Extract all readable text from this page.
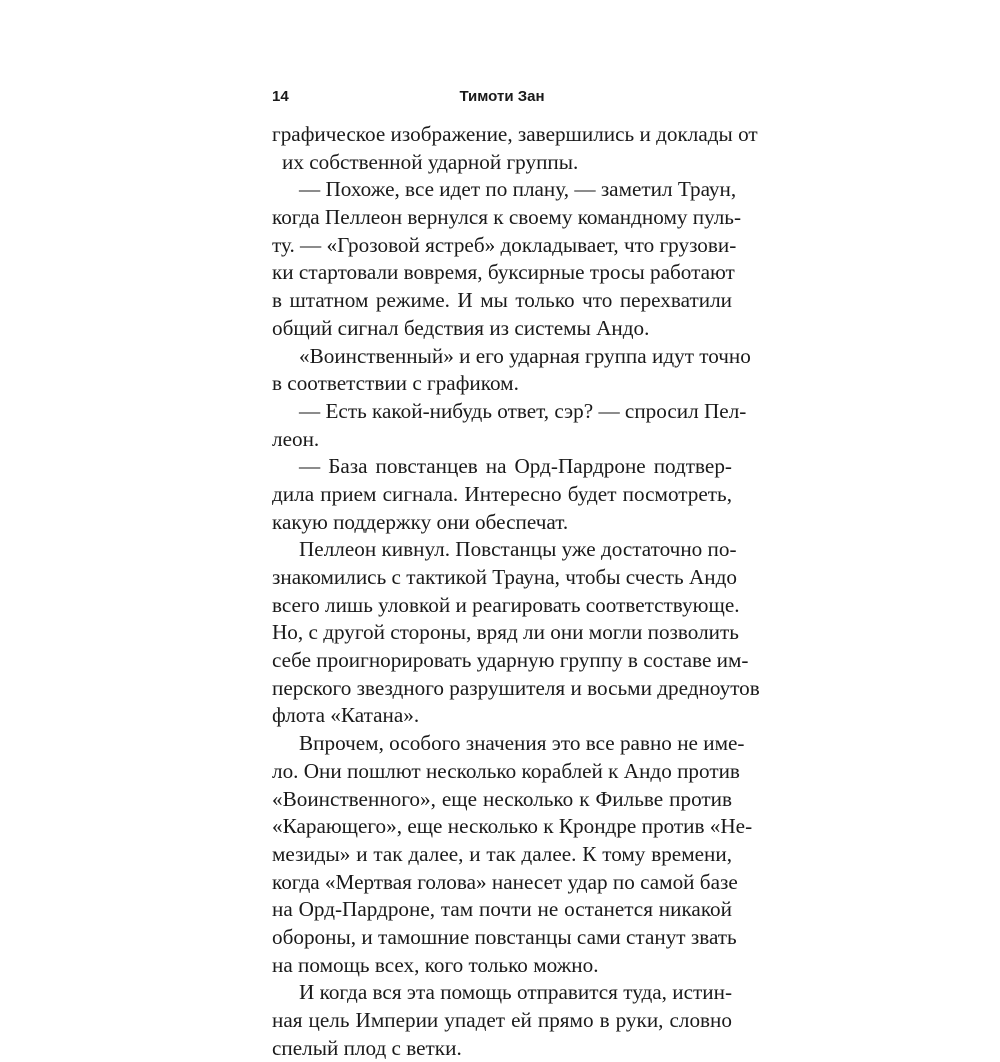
14	Тимоти Зан
графическое изображение, завершились и доклады от
их собственной ударной группы.
— Похоже, все идет по плану, — заметил Траун,
когда Пеллеон вернулся к своему командному пуль-
ту. — «Грозовой ястреб» докладывает, что грузови-
ки стартовали вовремя, буксирные тросы работают
в штатном режиме. И мы только что перехватили
общий сигнал бедствия из системы Андо.
«Воинственный» и его ударная группа идут точно
в соответствии с графиком.
— Есть какой-нибудь ответ, сэр? — спросил Пел-
леон.
— База повстанцев на Орд-Пардроне подтвер-
дила прием сигнала. Интересно будет посмотреть,
какую поддержку они обеспечат.
Пеллеон кивнул. Повстанцы уже достаточно по-
знакомились с тактикой Трауна, чтобы счесть Андо
всего лишь уловкой и реагировать соответствующе.
Но, с другой стороны, вряд ли они могли позволить
себе проигнорировать ударную группу в составе им-
перского звездного разрушителя и восьми дредноутов
флота «Катана».
Впрочем, особого значения это все равно не име-
ло. Они пошлют несколько кораблей к Андо против
«Воинственного», еще несколько к Фильве против
«Карающего», еще несколько к Крондре против «Не-
мезиды» и так далее, и так далее. К тому времени,
когда «Мертвая голова» нанесет удар по самой базе
на Орд-Пардроне, там почти не останется никакой
обороны, и тамошние повстанцы сами станут звать
на помощь всех, кого только можно.
И когда вся эта помощь отправится туда, истин-
ная цель Империи упадет ей прямо в руки, словно
спелый плод с ветки.
